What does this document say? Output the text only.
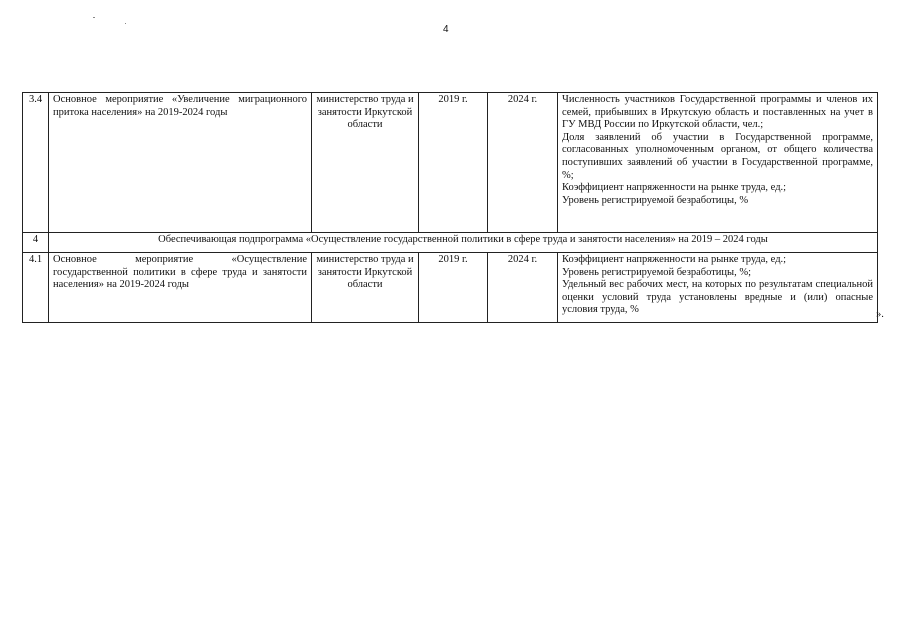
4
3.4	Основное мероприятие «Увеличение миграционного притока населения» на 2019-2024 годы	министерство труда и занятости Иркутской области	2019 г.	2024 г.	Численность участников Государственной программы и членов их семей, прибывших в Иркутскую область и поставленных на учет в ГУ МВД России по Иркутской области, чел.;
Доля заявлений об участии в Государственной программе, согласованных уполномоченным органом, от общего количества поступивших заявлений об участии в Государственной программе, %;
Коэффициент напряженности на рынке труда, ед.;
Уровень регистрируемой безработицы, %

4	Обеспечивающая подпрограмма «Осуществление государственной политики в сфере труда и занятости населения» на 2019 – 2024 годы				
4.1	Основное мероприятие «Осуществление государственной политики в сфере труда и занятости населения» на 2019-2024 годы	министерство труда и занятости Иркутской области	2019 г.	2024 г.	Коэффициент напряженности на рынке труда, ед.;
Уровень регистрируемой безработицы, %;
Удельный вес рабочих мест, на которых по результатам специальной оценки условий труда установлены вредные и (или) опасные условия труда, %	».
